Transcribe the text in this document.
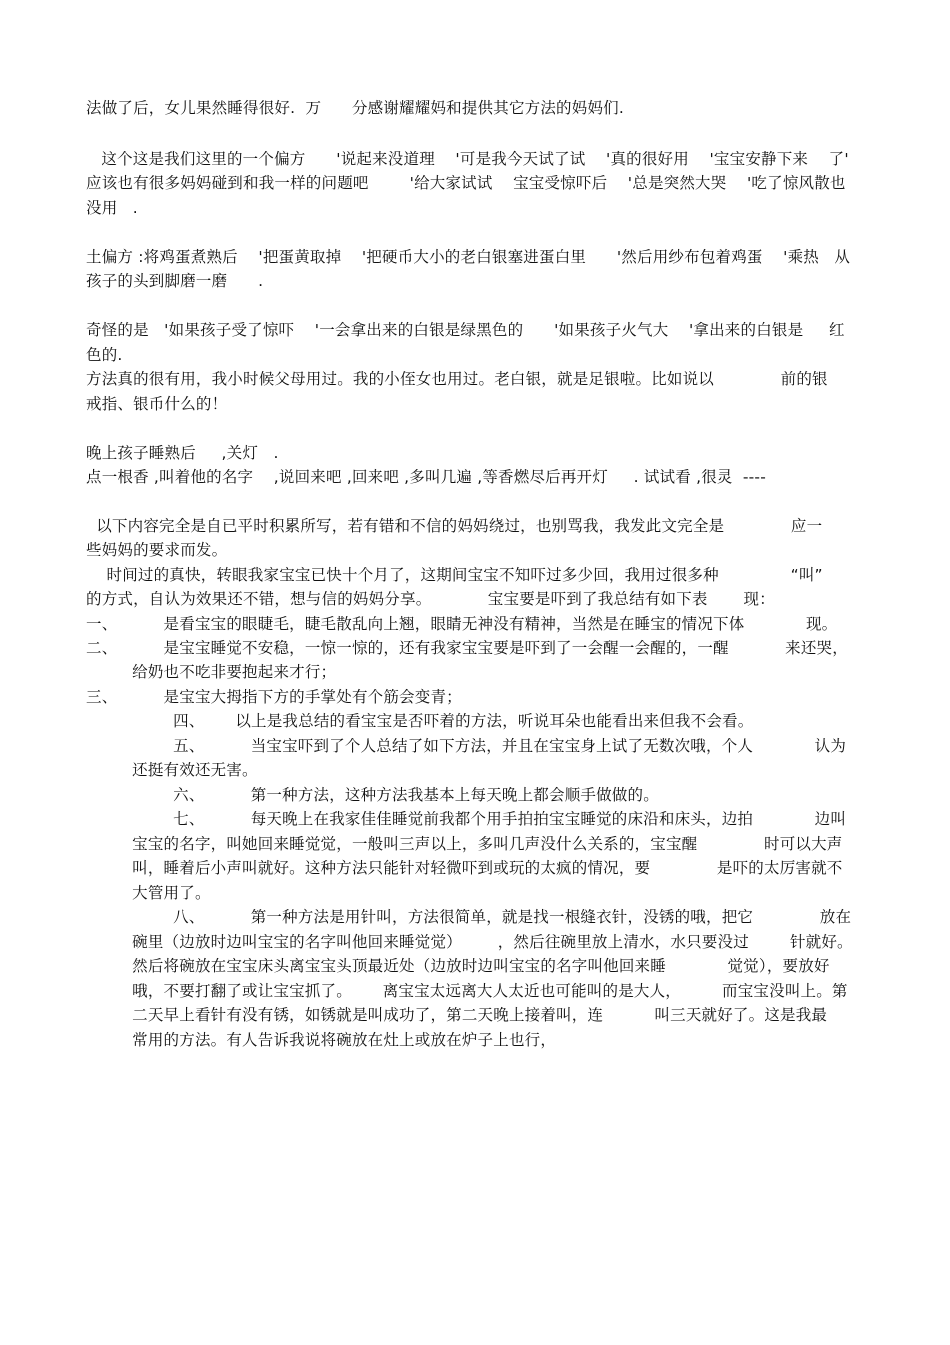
法做了后，女儿果然睡得很好.  万      分感谢耀耀妈和提供其它方法的妈妈们.
这个这是我们这里的一个偏方      '说起来没道理    '可是我今天试了试    '真的很好用    '宝宝安静下来    了'
应该也有很多妈妈碰到和我一样的问题吧        '给大家试试    宝宝受惊吓后    '总是突然大哭    '吃了惊风散也
没用   .
土偏方 :将鸡蛋煮熟后    '把蛋黄取掉    '把硬币大小的老白银塞进蛋白里      '然后用纱布包着鸡蛋    '乘热   从
孩子的头到脚磨一磨      .
奇怪的是   '如果孩子受了惊吓    '一会拿出来的白银是绿黑色的      '如果孩子火气大    '拿出来的白银是     红
色的.
方法真的很有用，我小时候父母用过。我的小侄女也用过。老白银，就是足银啦。比如说以             前的银
戒指、银币什么的！
晚上孩子睡熟后     ,关灯   .
点一根香 ,叫着他的名字    ,说回来吧 ,回来吧 ,多叫几遍 ,等香燃尽后再开灯     . 试试看 ,很灵  ----
以下内容完全是自已平时积累所写，若有错和不信的妈妈绕过，也别骂我，我发此文完全是             应一
些妈妈的要求而发。
时间过的真快，转眼我家宝宝已快十个月了，这期间宝宝不知吓过多少回，我用过很多种              “叫”
的方式，自认为效果还不错，想与信的妈妈分享。           宝宝要是吓到了我总结有如下表       现：
一、         是看宝宝的眼睫毛，睫毛散乱向上翘，眼睛无神没有精神，当然是在睡宝的情况下体            现。
二、         是宝宝睡觉不安稳，一惊一惊的，还有我家宝宝要是吓到了一会醒一会醒的，一醒           来还哭，
给奶也不吃非要抱起来才行；
三、         是宝宝大拇指下方的手掌处有个筋会变青；
四、      以上是我总结的看宝宝是否吓着的方法，听说耳朵也能看出来但我不会看。
五、         当宝宝吓到了个人总结了如下方法，并且在宝宝身上试了无数次哦，个人            认为
还挺有效还无害。
六、         第一种方法，这种方法我基本上每天晚上都会顺手做做的。
七、         每天晚上在我家佳佳睡觉前我都个用手拍拍宝宝睡觉的床沿和床头，边拍            边叫
宝宝的名字，叫她回来睡觉觉，一般叫三声以上，多叫几声没什么关系的，宝宝醒             时可以大声
叫，睡着后小声叫就好。这种方法只能针对轻微吓到或玩的太疯的情况，要             是吓的太厉害就不
大管用了。
八、         第一种方法是用针叫，方法很简单，就是找一根缝衣针，没锈的哦，把它             放在
碗里（边放时边叫宝宝的名字叫他回来睡觉觉）       ，然后往碗里放上清水，水只要没过        针就好。
然后将碗放在宝宝床头离宝宝头顶最近处（边放时边叫宝宝的名字叫他回来睡            觉觉），要放好
哦，不要打翻了或让宝宝抓了。      离宝宝太远离大人太近也可能叫的是大人，        而宝宝没叫上。第
二天早上看针有没有锈，如锈就是叫成功了，第二天晚上接着叫，连          叫三天就好了。这是我最
常用的方法。有人告诉我说将碗放在灶上或放在炉子上也行，
